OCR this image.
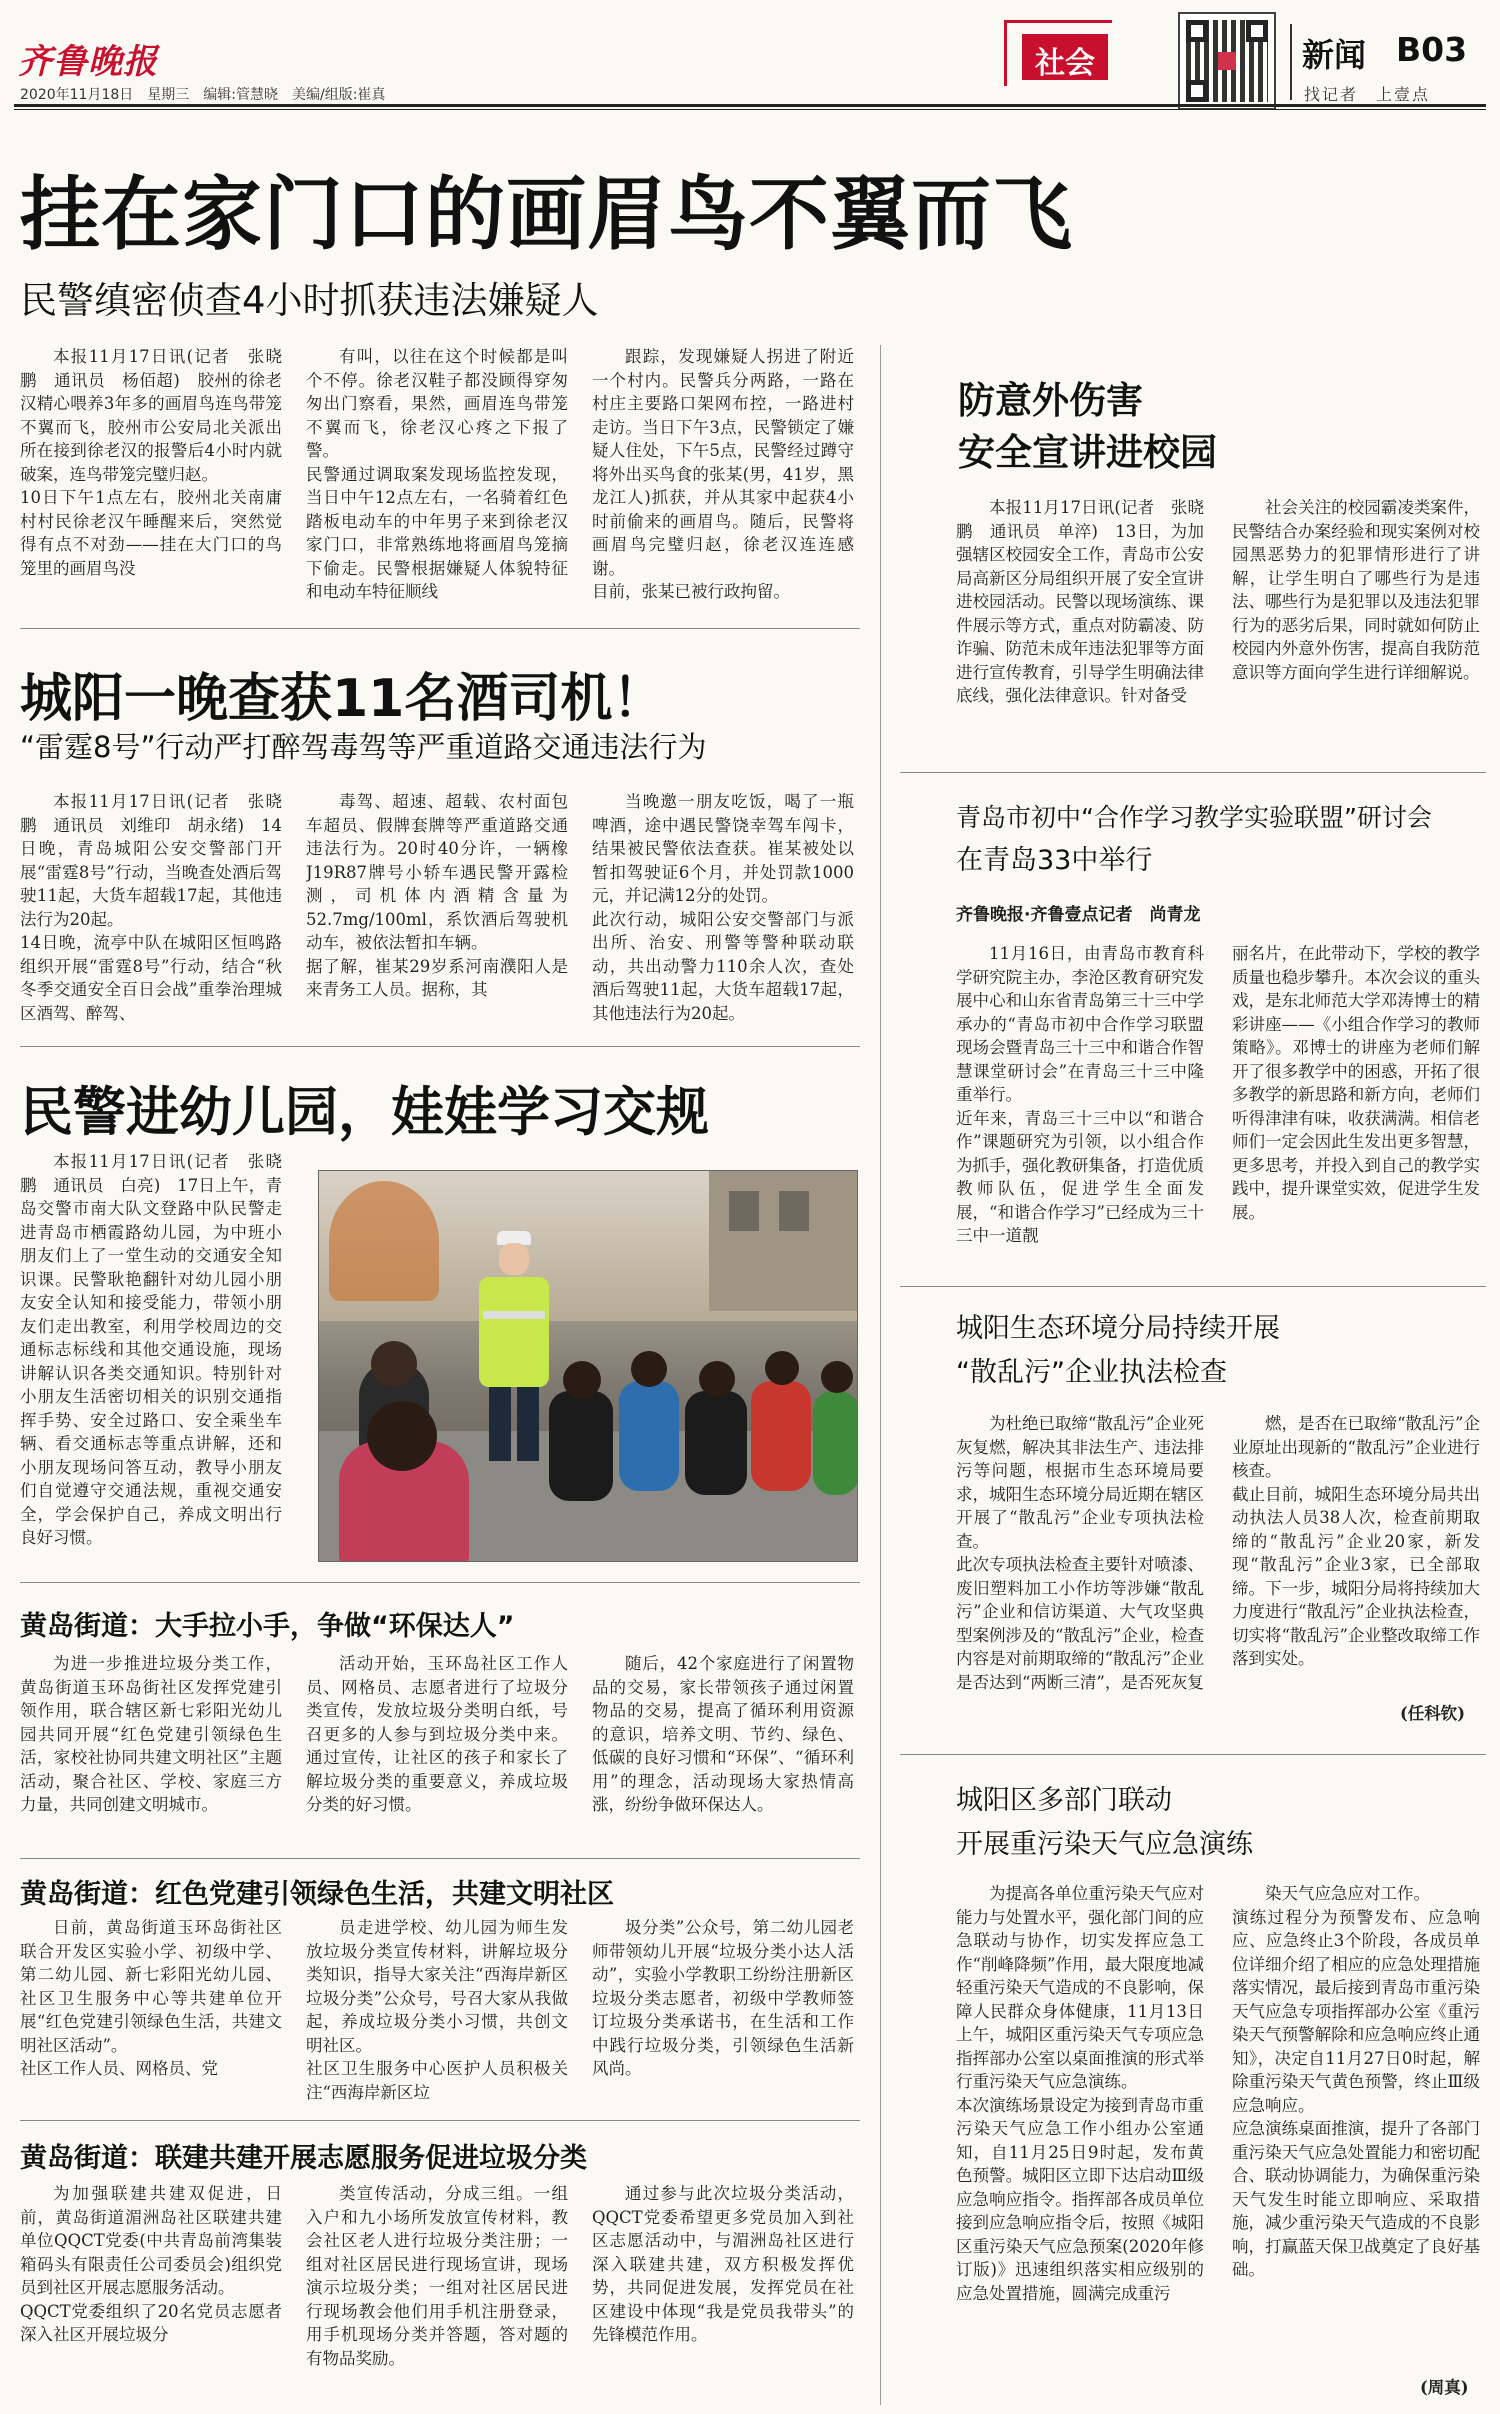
齐鲁晚报
2020年11月18日　星期三　编辑:管慧晓　美编/组版:崔真
社会	新闻 B03
找记者　上壹点
挂在家门口的画眉鸟不翼而飞
民警缜密侦查4小时抓获违法嫌疑人

本报11月17日讯(记者　张晓鹏　通讯员　杨佰超)　胶州的徐老汉精心喂养3年多的画眉鸟连鸟带笼不翼而飞，胶州市公安局北关派出所在接到徐老汉的报警后4小时内就破案，连鸟带笼完璧归赵。
10日下午1点左右，胶州北关南庸村村民徐老汉午睡醒来后，突然觉得有点不对劲——挂在大门口的鸟笼里的画眉鸟没

有叫，以往在这个时候都是叫个不停。徐老汉鞋子都没顾得穿匆匆出门察看，果然，画眉连鸟带笼不翼而飞，徐老汉心疼之下报了警。
民警通过调取案发现场监控发现，当日中午12点左右，一名骑着红色踏板电动车的中年男子来到徐老汉家门口，非常熟练地将画眉鸟笼摘下偷走。民警根据嫌疑人体貌特征和电动车特征顺线

跟踪，发现嫌疑人拐进了附近一个村内。民警兵分两路，一路在村庄主要路口架网布控，一路进村走访。当日下午3点，民警锁定了嫌疑人住处，下午5点，民警经过蹲守将外出买鸟食的张某(男，41岁，黑龙江人)抓获，并从其家中起获4小时前偷来的画眉鸟。随后，民警将画眉鸟完璧归赵，徐老汉连连感谢。
目前，张某已被行政拘留。

城阳一晚查获11名酒司机！
“雷霆8号”行动严打醉驾毒驾等严重道路交通违法行为

本报11月17日讯(记者　张晓鹏　通讯员　刘维印　胡永绪)　14日晚，青岛城阳公安交警部门开展“雷霆8号”行动，当晚查处酒后驾驶11起，大货车超载17起，其他违法行为20起。
14日晚，流亭中队在城阳区恒鸣路组织开展“雷霆8号”行动，结合“秋冬季交通安全百日会战”重拳治理城区酒驾、醉驾、

毒驾、超速、超载、农村面包车超员、假牌套牌等严重道路交通违法行为。20时40分许，一辆橡J19R87牌号小轿车遇民警开露检测，司机体内酒精含量为52.7mg/100ml，系饮酒后驾驶机动车，被依法暂扣车辆。
据了解，崔某29岁系河南濮阳人是来青务工人员。据称，其

当晚邀一朋友吃饭，喝了一瓶啤酒，途中遇民警饶幸驾车闯卡，结果被民警依法查获。崔某被处以暂扣驾驶证6个月，并处罚款1000元，并记满12分的处罚。
此次行动，城阳公安交警部门与派出所、治安、刑警等警种联动联动，共出动警力110余人次，查处酒后驾驶11起，大货车超载17起，其他违法行为20起。

民警进幼儿园，娃娃学习交规

本报11月17日讯(记者　张晓鹏　通讯员　白亮)　17日上午，青岛交警市南大队文登路中队民警走进青岛市栖霞路幼儿园，为中班小朋友们上了一堂生动的交通安全知识课。民警耿艳翻针对幼儿园小朋友安全认知和接受能力，带领小朋友们走出教室，利用学校周边的交通标志标线和其他交通设施，现场讲解认识各类交通知识。特别针对小朋友生活密切相关的识别交通指挥手势、安全过路口、安全乘坐车辆、看交通标志等重点讲解，还和小朋友现场问答互动，教导小朋友们自觉遵守交通法规，重视交通安全，学会保护自己，养成文明出行良好习惯。

黄岛街道：大手拉小手，争做“环保达人”

为进一步推进垃圾分类工作，黄岛街道玉环岛街社区发挥党建引领作用，联合辖区新七彩阳光幼儿园共同开展“红色党建引领绿色生活，家校社协同共建文明社区”主题活动，聚合社区、学校、家庭三方力量，共同创建文明城市。

活动开始，玉环岛社区工作人员、网格员、志愿者进行了垃圾分类宣传，发放垃圾分类明白纸，号召更多的人参与到垃圾分类中来。通过宣传，让社区的孩子和家长了解垃圾分类的重要意义，养成垃圾分类的好习惯。

随后，42个家庭进行了闲置物品的交易，家长带领孩子通过闲置物品的交易，提高了循环利用资源的意识，培养文明、节约、绿色、低碳的良好习惯和“环保”、“循环利用”的理念，活动现场大家热情高涨，纷纷争做环保达人。

黄岛街道：红色党建引领绿色生活，共建文明社区

日前，黄岛街道玉环岛街社区联合开发区实验小学、初级中学、第二幼儿园、新七彩阳光幼儿园、社区卫生服务中心等共建单位开展“红色党建引领绿色生活，共建文明社区活动”。
社区工作人员、网格员、党

员走进学校、幼儿园为师生发放垃圾分类宣传材料，讲解垃圾分类知识，指导大家关注“西海岸新区垃圾分类”公众号，号召大家从我做起，养成垃圾分类小习惯，共创文明社区。
社区卫生服务中心医护人员积极关注“西海岸新区垃

圾分类”公众号，第二幼儿园老师带领幼儿开展“垃圾分类小达人活动”，实验小学教职工纷纷注册新区垃圾分类志愿者，初级中学教师签订垃圾分类承诺书，在生活和工作中践行垃圾分类，引领绿色生活新风尚。

黄岛街道：联建共建开展志愿服务促进垃圾分类

为加强联建共建双促进，日前，黄岛街道湄洲岛社区联建共建单位QQCT党委(中共青岛前湾集装箱码头有限责任公司委员会)组织党员到社区开展志愿服务活动。
QQCT党委组织了20名党员志愿者深入社区开展垃圾分

类宣传活动，分成三组。一组入户和九小场所发放宣传材料，教会社区老人进行垃圾分类注册；一组对社区居民进行现场宣讲，现场演示垃圾分类；一组对社区居民进行现场教会他们用手机注册登录，用手机现场分类并答题，答对题的有物品奖励。

通过参与此次垃圾分类活动，QQCT党委希望更多党员加入到社区志愿活动中，与湄洲岛社区进行深入联建共建，双方积极发挥优势，共同促进发展，发挥党员在社区建设中体现“我是党员我带头”的先锋模范作用。

防意外伤害
安全宣讲进校园

本报11月17日讯(记者　张晓鹏　通讯员　单淬)　13日，为加强辖区校园安全工作，青岛市公安局高新区分局组织开展了安全宣讲进校园活动。民警以现场演练、课件展示等方式，重点对防霸凌、防诈骗、防范未成年违法犯罪等方面进行宣传教育，引导学生明确法律底线，强化法律意识。针对备受

社会关注的校园霸凌类案件，民警结合办案经验和现实案例对校园黑恶势力的犯罪情形进行了讲解，让学生明白了哪些行为是违法、哪些行为是犯罪以及违法犯罪行为的恶劣后果，同时就如何防止校园内外意外伤害，提高自我防范意识等方面向学生进行详细解说。

青岛市初中“合作学习教学实验联盟”研讨会
在青岛33中举行
齐鲁晚报·齐鲁壹点记者　尚青龙

11月16日，由青岛市教育科学研究院主办，李沧区教育研究发展中心和山东省青岛第三十三中学承办的“青岛市初中合作学习联盟现场会暨青岛三十三中和谐合作智慧课堂研讨会”在青岛三十三中隆重举行。
近年来，青岛三十三中以“和谐合作”课题研究为引领，以小组合作为抓手，强化教研集备，打造优质教师队伍，促进学生全面发展，“和谐合作学习”已经成为三十三中一道靓

丽名片，在此带动下，学校的教学质量也稳步攀升。本次会议的重头戏，是东北师范大学邓涛博士的精彩讲座——《小组合作学习的教师策略》。邓博士的讲座为老师们解开了很多教学中的困惑，开拓了很多教学的新思路和新方向，老师们听得津津有味，收获满满。相信老师们一定会因此生发出更多智慧，更多思考，并投入到自己的教学实践中，提升课堂实效，促进学生发展。

城阳生态环境分局持续开展
“散乱污”企业执法检查

为杜绝已取缔“散乱污”企业死灰复燃，解决其非法生产、违法排污等问题，根据市生态环境局要求，城阳生态环境分局近期在辖区开展了“散乱污”企业专项执法检查。
此次专项执法检查主要针对喷漆、废旧塑料加工小作坊等涉嫌“散乱污”企业和信访渠道、大气攻坚典型案例涉及的“散乱污”企业，检查内容是对前期取缔的“散乱污”企业是否达到“两断三清”，是否死灰复

燃，是否在已取缔“散乱污”企业原址出现新的“散乱污”企业进行核查。
截止目前，城阳生态环境分局共出动执法人员38人次，检查前期取缔的“散乱污”企业20家，新发现“散乱污”企业3家，已全部取缔。下一步，城阳分局将持续加大力度进行“散乱污”企业执法检查，切实将“散乱污”企业整改取缔工作落到实处。

(任科钦)
城阳区多部门联动
开展重污染天气应急演练

为提高各单位重污染天气应对能力与处置水平，强化部门间的应急联动与协作，切实发挥应急工作“削峰降频”作用，最大限度地减轻重污染天气造成的不良影响，保障人民群众身体健康，11月13日上午，城阳区重污染天气专项应急指挥部办公室以桌面推演的形式举行重污染天气应急演练。
本次演练场景设定为接到青岛市重污染天气应急工作小组办公室通知，自11月25日9时起，发布黄色预警。城阳区立即下达启动Ⅲ级应急响应指令。指挥部各成员单位接到应急响应指令后，按照《城阳区重污染天气应急预案(2020年修订版)》迅速组织落实相应级别的应急处置措施，圆满完成重污

染天气应急应对工作。
演练过程分为预警发布、应急响应、应急终止3个阶段，各成员单位详细介绍了相应的应急处理措施落实情况，最后接到青岛市重污染天气应急专项指挥部办公室《重污染天气预警解除和应急响应终止通知》，决定自11月27日0时起，解除重污染天气黄色预警，终止Ⅲ级应急响应。
应急演练桌面推演，提升了各部门重污染天气应急处置能力和密切配合、联动协调能力，为确保重污染天气发生时能立即响应、采取措施，减少重污染天气造成的不良影响，打赢蓝天保卫战奠定了良好基础。

(周真)
